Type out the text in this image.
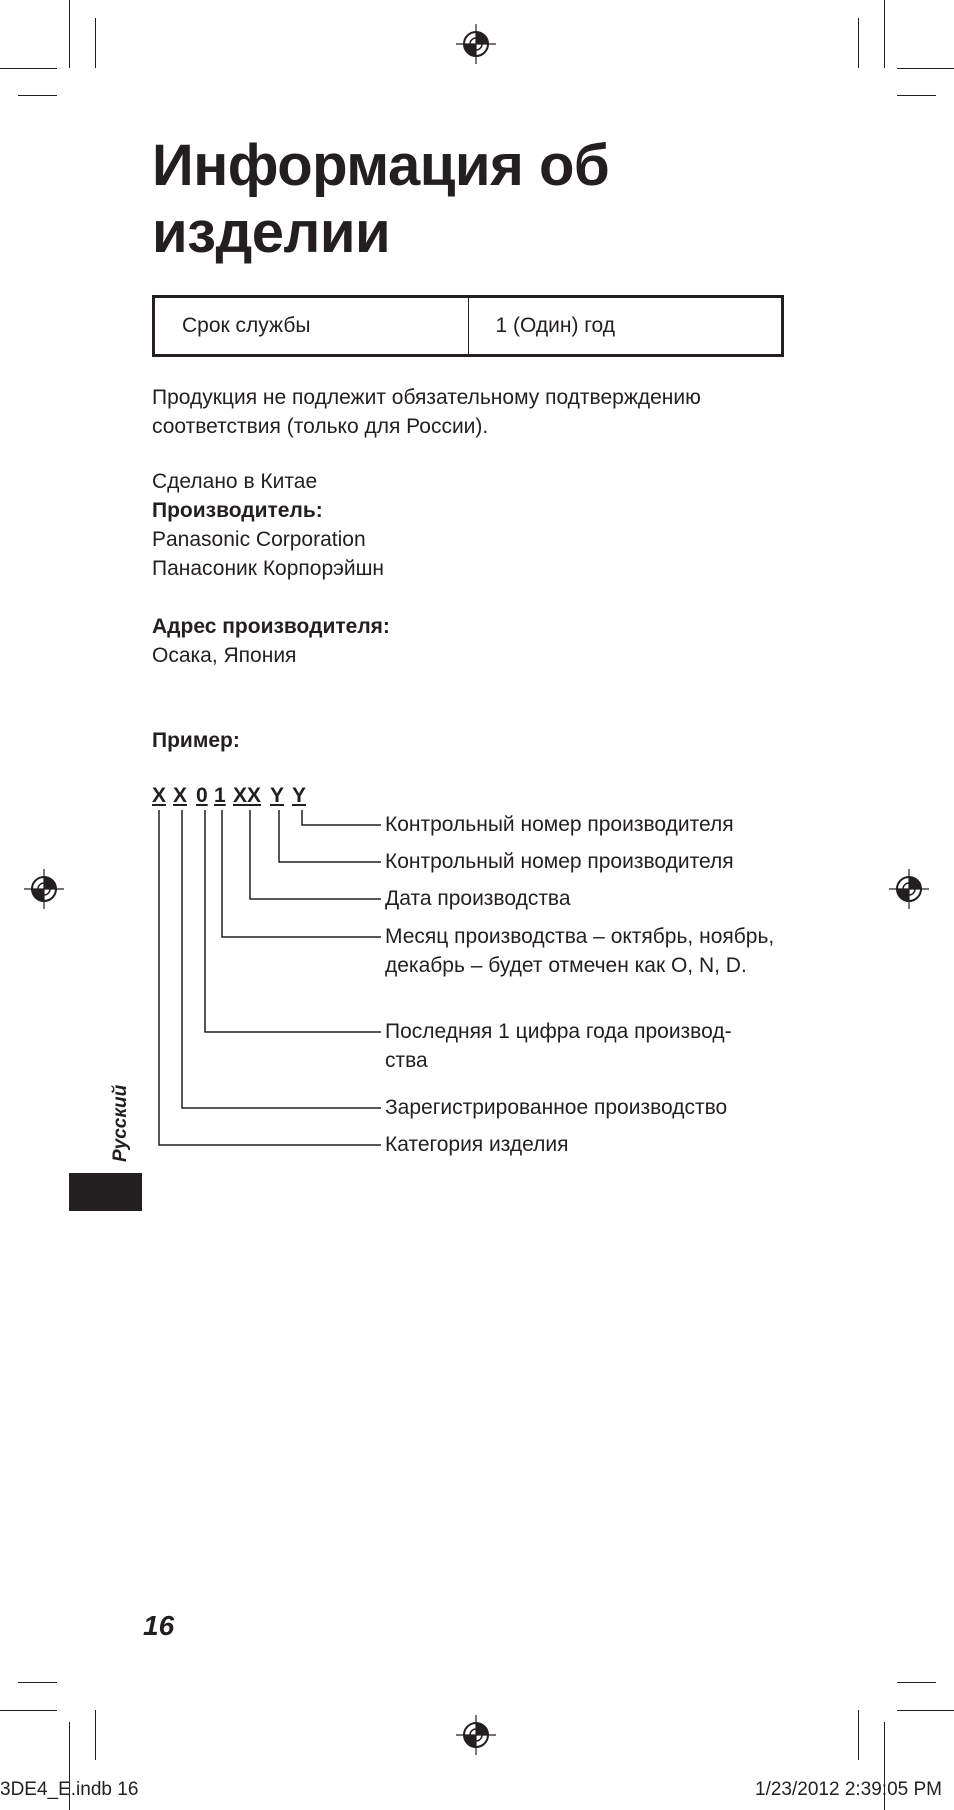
Информация об изделии
Срок службы	1 (Один) год
Продукция не подлежит обязательному подтверждению соответствия (только для России).
Сделано в Китае
Производитель:
Panasonic Corporation
Панасоник Корпорэйшн
Адрес производителя:
Осака, Япония
Пример:
X X 0 1 XX Y Y
Контрольный номер производителя
Контрольный номер производителя
Дата производства
Месяц производства – октябрь, ноябрь, декабрь – будет отмечен как O, N, D.
Последняя 1 цифра года производ-ства
Зарегистрированное производство
Категория изделия
Русский
16
3DE4_E.indb 16	1/23/2012 2:39:05 PM
